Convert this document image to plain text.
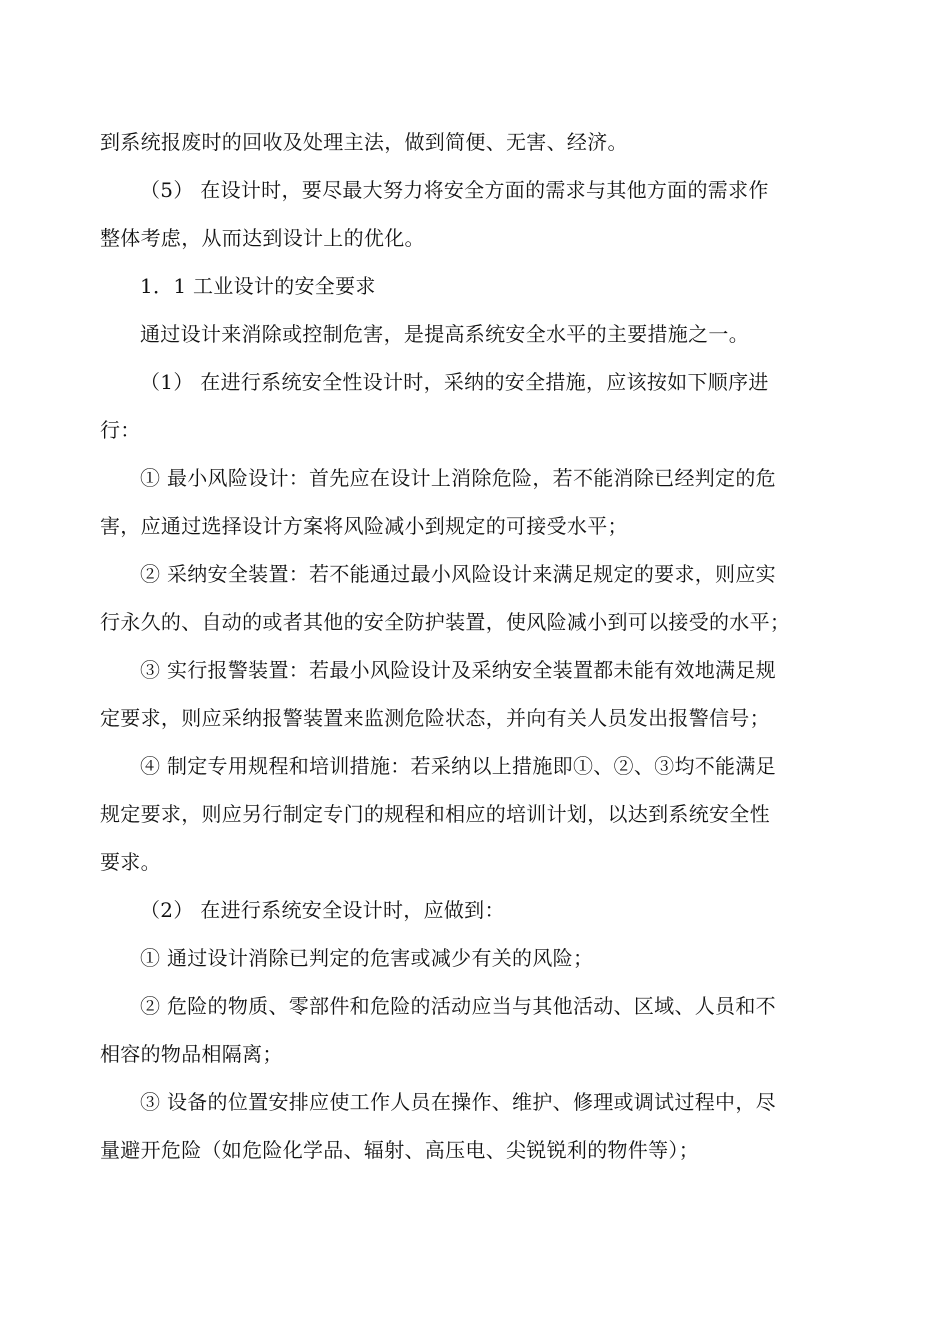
到系统报废时的回收及处理主法，做到简便、无害、经济。

（5） 在设计时，要尽最大努力将安全方面的需求与其他方面的需求作

整体考虑，从而达到设计上的优化。

1．1 工业设计的安全要求

通过设计来消除或控制危害，是提高系统安全水平的主要措施之一。

（1） 在进行系统安全性设计时，采纳的安全措施，应该按如下顺序进

行：

① 最小风险设计：首先应在设计上消除危险，若不能消除已经判定的危

害，应通过选择设计方案将风险减小到规定的可接受水平；

② 采纳安全装置：若不能通过最小风险设计来满足规定的要求，则应实

行永久的、自动的或者其他的安全防护装置，使风险减小到可以接受的水平；

③ 实行报警装置：若最小风险设计及采纳安全装置都未能有效地满足规

定要求，则应采纳报警装置来监测危险状态，并向有关人员发出报警信号；

④ 制定专用规程和培训措施：若采纳以上措施即①、②、③均不能满足

规定要求，则应另行制定专门的规程和相应的培训计划，以达到系统安全性

要求。

（2） 在进行系统安全设计时，应做到：

① 通过设计消除已判定的危害或减少有关的风险；

② 危险的物质、零部件和危险的活动应当与其他活动、区域、人员和不

相容的物品相隔离；

③ 设备的位置安排应使工作人员在操作、维护、修理或调试过程中，尽

量避开危险（如危险化学品、辐射、高压电、尖锐锐利的物件等）；
